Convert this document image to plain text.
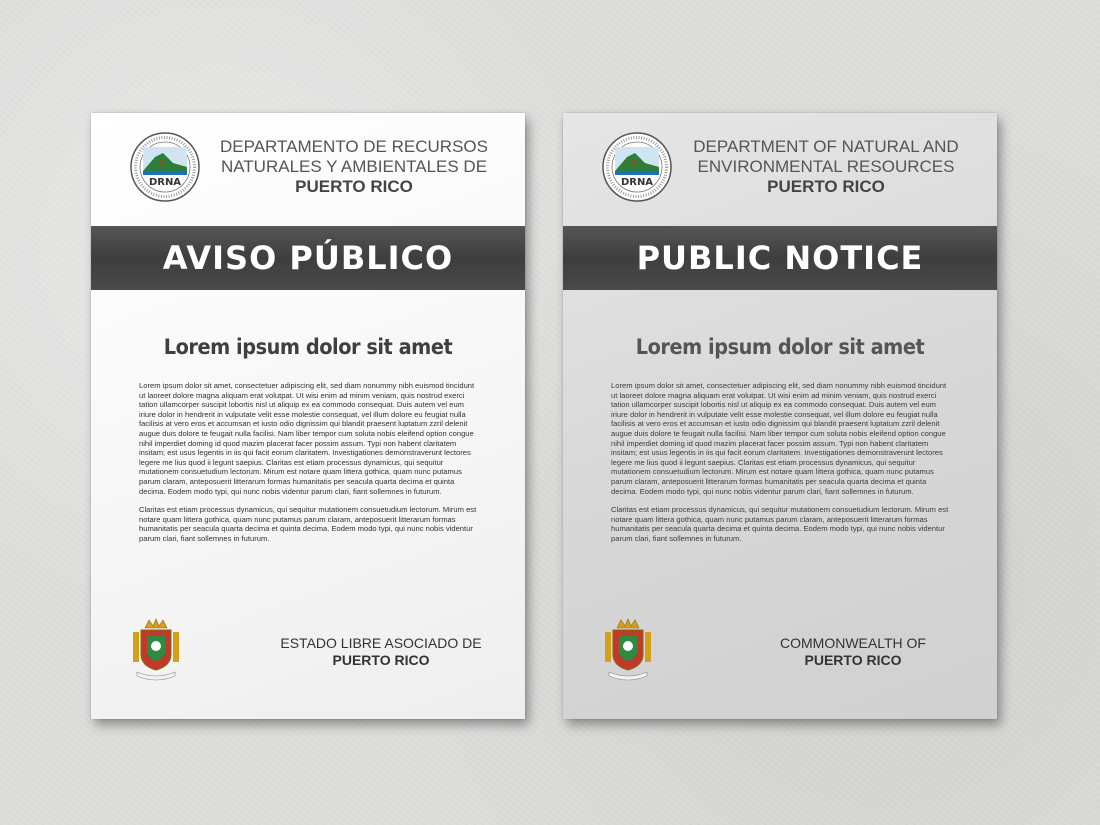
DRNA
DEPARTAMENTO DE RECURSOS
NATURALES Y AMBIENTALES DE
PUERTO RICO
AVISO PÚBLICO
Lorem ipsum dolor sit amet

Lorem ipsum dolor sit amet, consectetuer adipiscing elit, sed diam nonummy nibh euismod tincidunt ut laoreet dolore magna aliquam erat volutpat. Ut wisi enim ad minim veniam, quis nostrud exerci tation ullamcorper suscipit lobortis nisl ut aliquip ex ea commodo consequat. Duis autem vel eum iriure dolor in hendrerit in vulputate velit esse molestie consequat, vel illum dolore eu feugiat nulla facilisis at vero eros et accumsan et iusto odio dignissim qui blandit praesent luptatum zzril delenit augue duis dolore te feugait nulla facilisi. Nam liber tempor cum soluta nobis eleifend option congue nihil imperdiet doming id quod mazim placerat facer possim assum. Typi non habent claritatem insitam; est usus legentis in iis qui facit eorum claritatem. Investigationes demonstraverunt lectores legere me lius quod ii legunt saepius. Claritas est etiam processus dynamicus, qui sequitur mutationem consuetudium lectorum. Mirum est notare quam littera gothica, quam nunc putamus parum claram, anteposuerit litterarum formas humanitatis per seacula quarta decima et quinta decima. Eodem modo typi, qui nunc nobis videntur parum clari, fiant sollemnes in futurum.

Claritas est etiam processus dynamicus, qui sequitur mutationem consuetudium lectorum. Mirum est notare quam littera gothica, quam nunc putamus parum claram, anteposuerit litterarum formas humanitatis per seacula quarta decima et quinta decima. Eodem modo typi, qui nunc nobis videntur parum clari, fiant sollemnes in futurum.

ESTADO LIBRE ASOCIADO DE
PUERTO RICO
DRNA
DEPARTMENT OF NATURAL AND
ENVIRONMENTAL RESOURCES
PUERTO RICO
PUBLIC NOTICE
Lorem ipsum dolor sit amet

Lorem ipsum dolor sit amet, consectetuer adipiscing elit, sed diam nonummy nibh euismod tincidunt ut laoreet dolore magna aliquam erat volutpat. Ut wisi enim ad minim veniam, quis nostrud exerci tation ullamcorper suscipit lobortis nisl ut aliquip ex ea commodo consequat. Duis autem vel eum iriure dolor in hendrerit in vulputate velit esse molestie consequat, vel illum dolore eu feugiat nulla facilisis at vero eros et accumsan et iusto odio dignissim qui blandit praesent luptatum zzril delenit augue duis dolore te feugait nulla facilisi. Nam liber tempor cum soluta nobis eleifend option congue nihil imperdiet doming id quod mazim placerat facer possim assum. Typi non habent claritatem insitam; est usus legentis in iis qui facit eorum claritatem. Investigationes demonstraverunt lectores legere me lius quod ii legunt saepius. Claritas est etiam processus dynamicus, qui sequitur mutationem consuetudium lectorum. Mirum est notare quam littera gothica, quam nunc putamus parum claram, anteposuerit litterarum formas humanitatis per seacula quarta decima et quinta decima. Eodem modo typi, qui nunc nobis videntur parum clari, fiant sollemnes in futurum.

Claritas est etiam processus dynamicus, qui sequitur mutationem consuetudium lectorum. Mirum est notare quam littera gothica, quam nunc putamus parum claram, anteposuerit litterarum formas humanitatis per seacula quarta decima et quinta decima. Eodem modo typi, qui nunc nobis videntur parum clari, fiant sollemnes in futurum.

COMMONWEALTH OF
PUERTO RICO
